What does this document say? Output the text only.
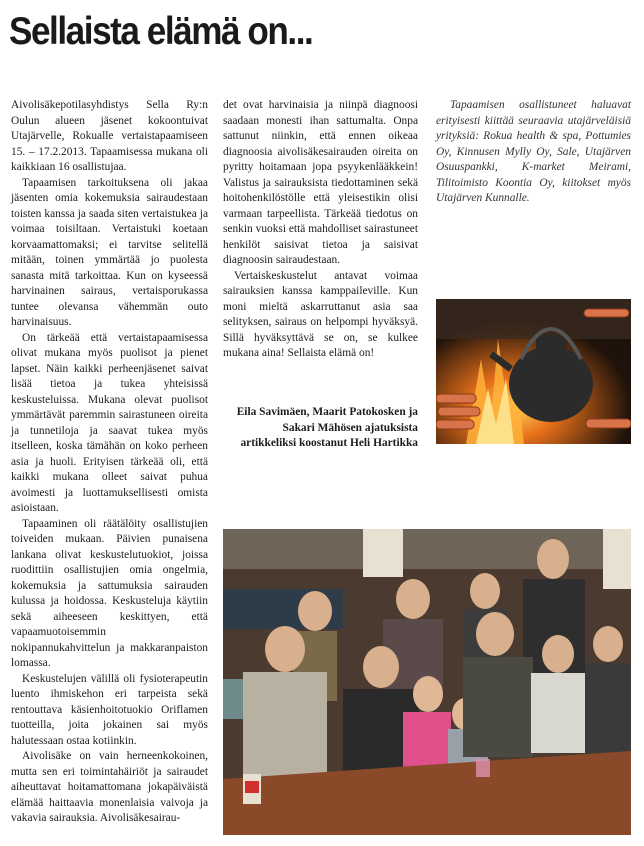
Sellaista elämä on...

Aivolisäkepotilasyhdistys Sella Ry:n Oulun alueen jäsenet kokoontuivat Utajärvelle, Rokualle vertaistapaamiseen 15. – 17.2.2013. Tapaamisessa mukana oli kaikkiaan 16 osallistujaa.

Tapaamisen tarkoituksena oli jakaa jäsenten omia kokemuksia sairaudestaan toisten kanssa ja saada siten vertaistukea ja voimaa toisiltaan. Vertaistuki koetaan korvaamattomaksi; ei tarvitse selitellä mitään, toinen ymmärtää jo puolesta sanasta mitä tarkoittaa. Kun on kyseessä harvinainen sairaus, vertaisporukassa tuntee olevansa vähemmän outo harvinaisuus.

On tärkeää että vertaistapaamisessa olivat mukana myös puolisot ja pienet lapset. Näin kaikki perheenjäsenet saivat lisää tietoa ja tukea yhteisissä keskusteluissa. Mukana olevat puolisot ymmärtävät paremmin sairastuneen oireita ja tunnetiloja ja saavat tukea myös itselleen, koska tämähän on koko perheen asia ja huoli. Erityisen tärkeää oli, että kaikki mukana olleet saivat puhua avoimesti ja luottamuksellisesti omista asioistaan.

Tapaaminen oli räätälöity osallistujien toiveiden mukaan. Päivien punaisena lankana olivat keskustelutuokiot, joissa ruodittiin osallistujien omia ongelmia, kokemuksia ja sattumuksia sairauden kulussa ja hoidossa. Keskusteluja käytiin sekä aiheeseen keskittyen, että vapaamuotoisemmin nokipannukahvittelun ja makkaranpaiston lomassa.

Keskustelujen välillä oli fysioterapeutin luento ihmiskehon eri tarpeista sekä rentouttava käsienhoitotuokio Oriflamen tuotteilla, joita jokainen sai myös halutessaan ostaa kotiinkin.

Aivolisäke on vain herneenkokoinen, mutta sen eri toimintahäiriöt ja sairaudet aiheuttavat hoitamattomana jokapäiväistä elämää haittaavia monenlaisia vaivoja ja vakavia sairauksia. Aivolisäkesairau-

det ovat harvinaisia ja niinpä diagnoosi saadaan monesti ihan sattumalta. Onpa sattunut niinkin, että ennen oikeaa diagnoosia aivolisäkesairauden oireita on pyritty hoitamaan jopa psyykenlääkkein! Valistus ja sairauksista tiedottaminen sekä hoitohenkilöstölle että yleisestikin olisi varmaan tarpeellista. Tärkeää tiedotus on senkin vuoksi että mahdolliset sairastuneet henkilöt saisivat tietoa ja saisivat diagnoosin sairaudestaan.

Vertaiskeskustelut antavat voimaa sairauksien kanssa kamppaileville. Kun moni mieltä askarruttanut asia saa selityksen, sairaus on helpompi hyväksyä. Sillä hyväksyttävä se on, se kulkee mukana aina! Sellaista elämä on!

Eila Savimäen, Maarit Patokosken ja Sakari Mähösen ajatuksista artikkeliksi koostanut Heli Hartikka

Tapaamisen osallistuneet haluavat erityisesti kiittää seuraavia utajärveläisiä yrityksiä: Rokua health & spa, Pottumies Oy, Kinnusen Mylly Oy, Sale, Utajärven Osuuspankki, K-market Meirami, Tilitoimisto Koontia Oy, kiitokset myös Utajärven Kunnalle.
